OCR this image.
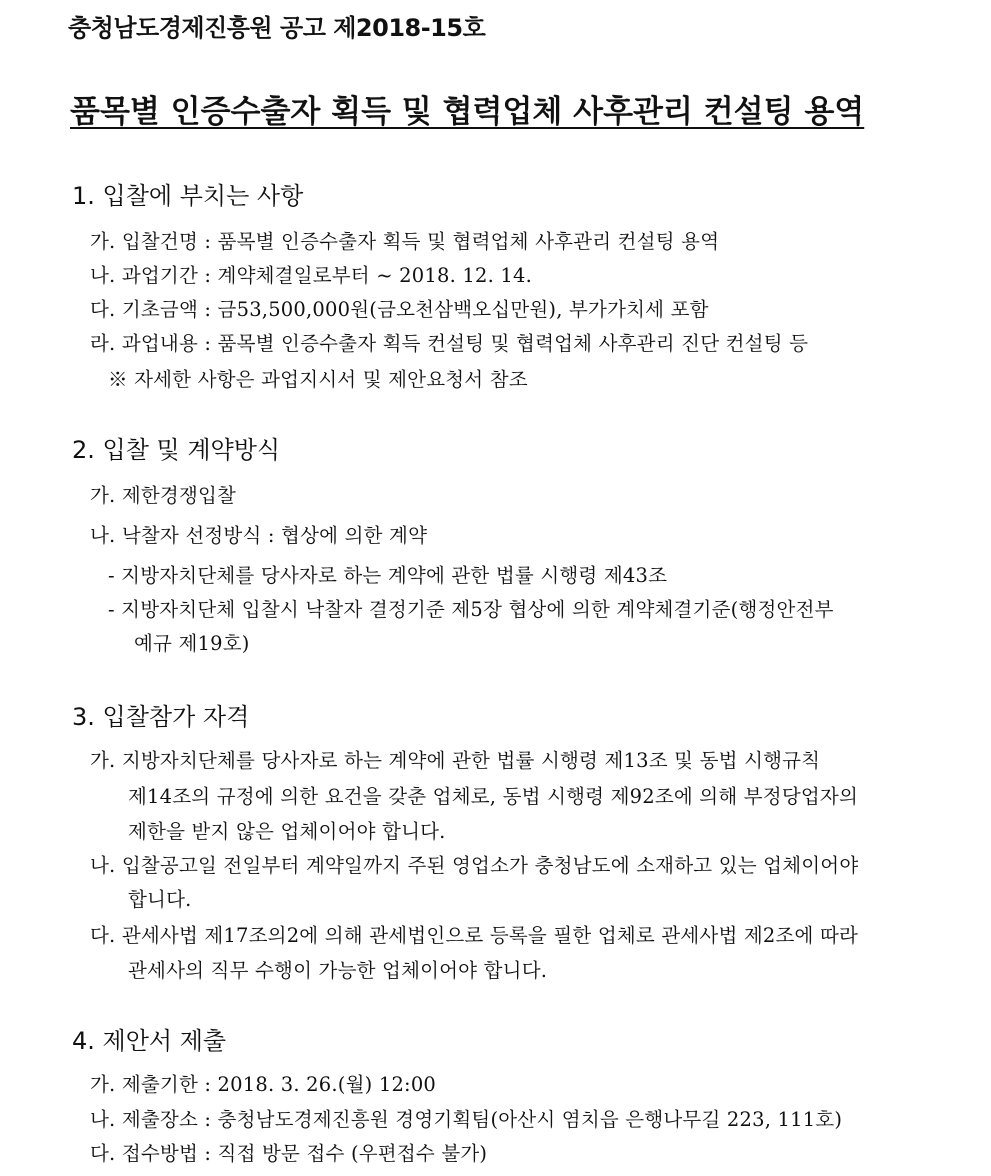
충청남도경제진흥원 공고 제2018-15호
품목별 인증수출자 획득 및 협력업체 사후관리 컨설팅 용역
1. 입찰에 부치는 사항
가. 입찰건명 : 품목별 인증수출자 획득 및 협력업체 사후관리 컨설팅 용역
나. 과업기간 : 계약체결일로부터 ~ 2018. 12. 14.
다. 기초금액 : 금53,500,000원(금오천삼백오십만원), 부가가치세 포함
라. 과업내용 : 품목별 인증수출자 획득 컨설팅 및 협력업체 사후관리 진단 컨설팅 등
※ 자세한 사항은 과업지시서 및 제안요청서 참조
2. 입찰 및 계약방식
가. 제한경쟁입찰
나. 낙찰자 선정방식 : 협상에 의한 계약
- 지방자치단체를 당사자로 하는 계약에 관한 법률 시행령 제43조
- 지방자치단체 입찰시 낙찰자 결정기준 제5장 협상에 의한 계약체결기준(행정안전부
예규 제19호)
3. 입찰참가 자격
가. 지방자치단체를 당사자로 하는 계약에 관한 법률 시행령 제13조 및 동법 시행규칙
제14조의 규정에 의한 요건을 갖춘 업체로, 동법 시행령 제92조에 의해 부정당업자의
제한을 받지 않은 업체이어야 합니다.
나. 입찰공고일 전일부터 계약일까지 주된 영업소가 충청남도에 소재하고 있는 업체이어야
합니다.
다. 관세사법 제17조의2에 의해 관세법인으로 등록을 필한 업체로 관세사법 제2조에 따라
관세사의 직무 수행이 가능한 업체이어야 합니다.
4. 제안서 제출
가. 제출기한 : 2018. 3. 26.(월) 12:00
나. 제출장소 : 충청남도경제진흥원 경영기획팀(아산시 염치읍 은행나무길 223, 111호)
다. 접수방법 : 직접 방문 접수 (우편접수 불가)
